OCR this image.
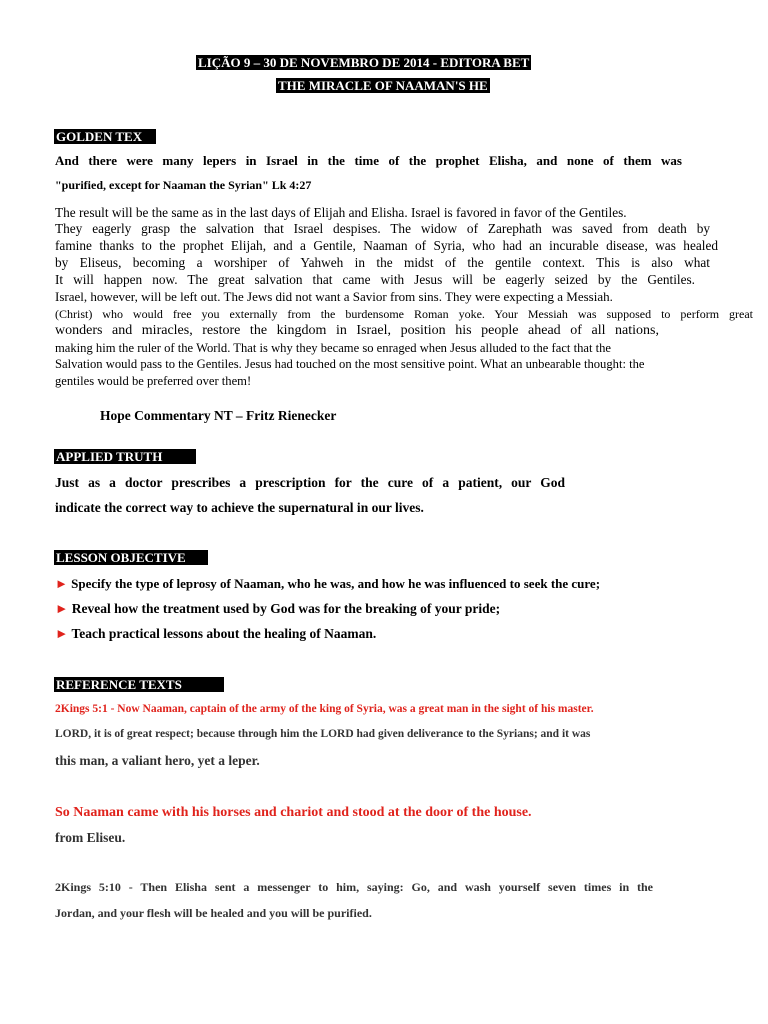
LIÇÃO 9 – 30 DE NOVEMBRO DE 2014 - EDITORA BET
THE MIRACLE OF NAAMAN'S HE
GOLDEN TEX
And there were many lepers in Israel in the time of the prophet Elisha, and none of them was
"purified, except for Naaman the Syrian" Lk 4:27
The result will be the same as in the last days of Elijah and Elisha. Israel is favored in favor of the Gentiles.
They eagerly grasp the salvation that Israel despises. The widow of Zarephath was saved from death by
famine thanks to the prophet Elijah, and a Gentile, Naaman of Syria, who had an incurable disease, was healed
by Eliseus, becoming a worshiper of Yahweh in the midst of the gentile context. This is also what
It will happen now. The great salvation that came with Jesus will be eagerly seized by the Gentiles.
Israel, however, will be left out. The Jews did not want a Savior from sins. They were expecting a Messiah.
(Christ) who would free you externally from the burdensome Roman yoke. Your Messiah was supposed to perform great
wonders and miracles, restore the kingdom in Israel, position his people ahead of all nations,
making him the ruler of the World. That is why they became so enraged when Jesus alluded to the fact that the
Salvation would pass to the Gentiles. Jesus had touched on the most sensitive point. What an unbearable thought: the
gentiles would be preferred over them!
Hope Commentary NT – Fritz Rienecker
APPLIED TRUTH
Just as a doctor prescribes a prescription for the cure of a patient, our God
indicate the correct way to achieve the supernatural in our lives.
LESSON OBJECTIVE
► Specify the type of leprosy of Naaman, who he was, and how he was influenced to seek the cure;
► Reveal how the treatment used by God was for the breaking of your pride;
► Teach practical lessons about the healing of Naaman.
REFERENCE TEXTS
2Kings 5:1 - Now Naaman, captain of the army of the king of Syria, was a great man in the sight of his master.
LORD, it is of great respect; because through him the LORD had given deliverance to the Syrians; and it was
this man, a valiant hero, yet a leper.
So Naaman came with his horses and chariot and stood at the door of the house.
from Eliseu.
2Kings 5:10 - Then Elisha sent a messenger to him, saying: Go, and wash yourself seven times in the
Jordan, and your flesh will be healed and you will be purified.
